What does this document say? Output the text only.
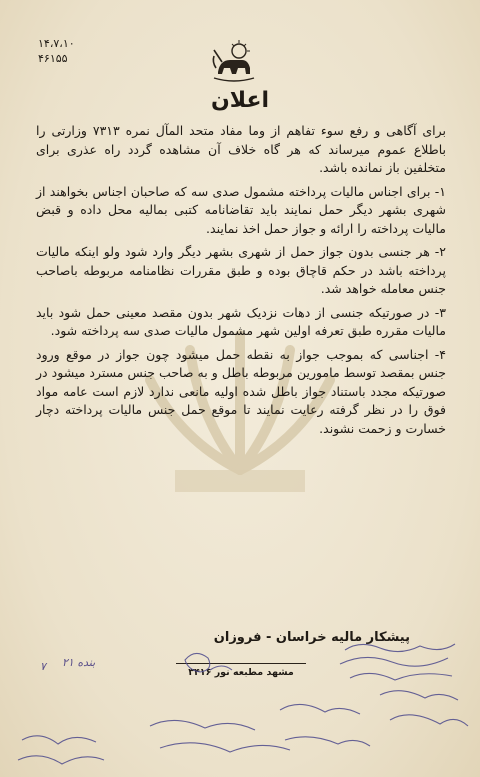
۱۴،۷،۱۰
۴۶۱۵۵
اعلان

برای آگاهی و رفع سوء تفاهم از وما مفاد متحد المآل نمره ۷۳۱۳ وزارتی را باطلاع عموم میرساند که هر گاه خلاف آن مشاهده گردد راه عذری برای متخلفین باز نمانده باشد.

۱- برای اجناس مالیات پرداخته مشمول صدی سه که صاحبان اجناس بخواهند از شهری بشهر دیگر حمل نمایند باید تقاضانامه کتبی بمالیه محل داده و قبض مالیات پرداخته را ارائه و جواز حمل اخذ نمایند.

۲- هر جنسی بدون جواز حمل از شهری بشهر دیگر وارد شود ولو اینکه مالیات پرداخته باشد در حکم قاچاق بوده و طبق مقررات نظامنامه مربوطه باصاحب جنس معامله خواهد شد.

۳- در صورتیکه جنسی از دهات نزدیک شهر بدون مقصد معینی حمل شود باید مالیات مقرره طبق تعرفه اولین شهر مشمول مالیات صدی سه پرداخته شود.

۴- اجناسی که بموجب جواز به نقطه حمل میشود چون جواز در موقع ورود جنس بمقصد توسط مامورین مربوطه باطل و به صاحب جنس مسترد میشود در صورتیکه مجدد باستناد جواز باطل شده اولیه مانعی ندارد لازم است عامه مواد فوق را در نظر گرفته رعایت نمایند تا موقع حمل جنس مالیات پرداخته دچار خسارت و زحمت نشوند.

پیشکار مالیه خراسان - فروزان
مشهد مطبعه نور ۳۴۱۶
بنده ۲۱
۷
